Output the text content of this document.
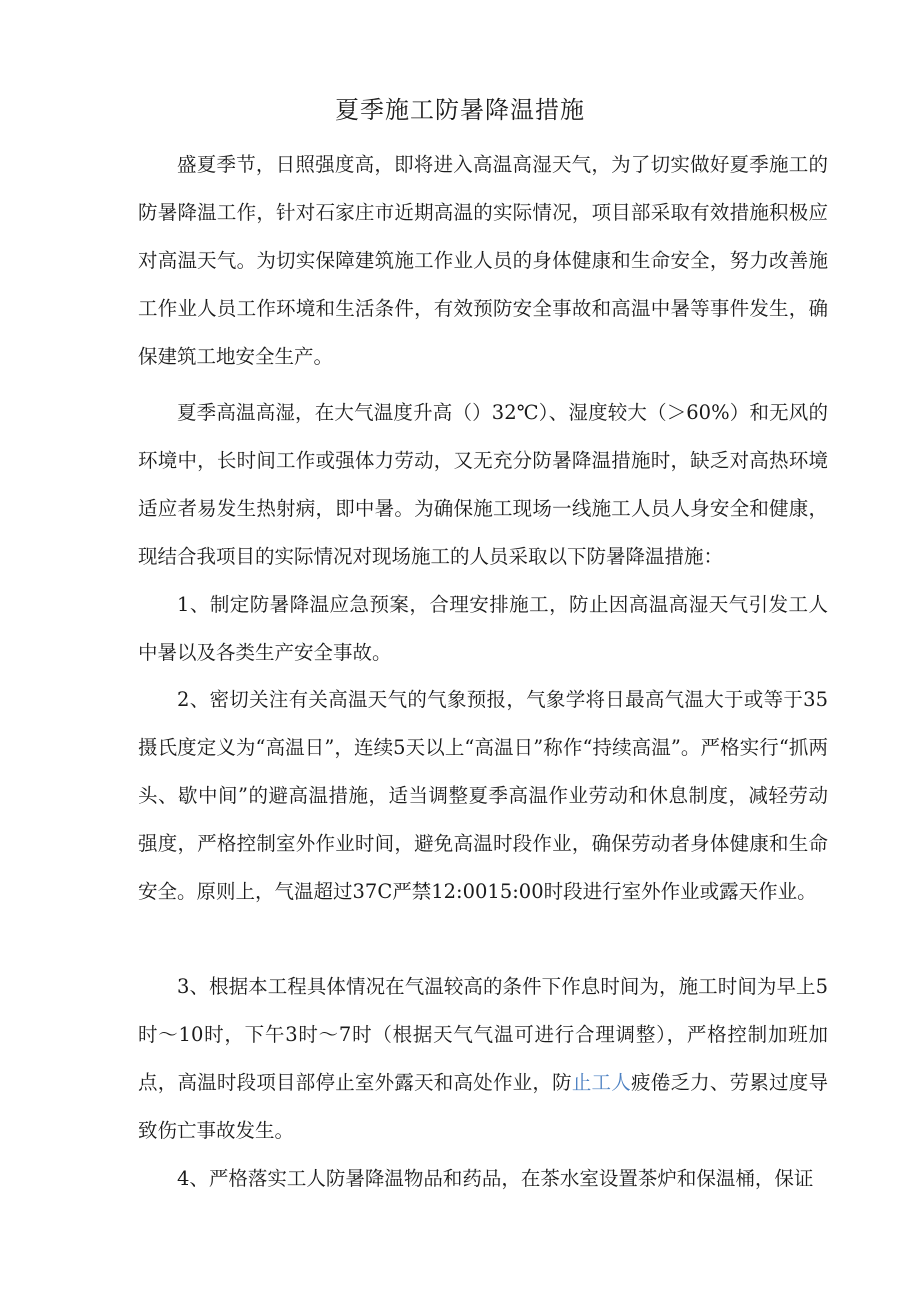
夏季施工防暑降温措施

盛夏季节，日照强度高，即将进入高温高湿天气，为了切实做好夏季施工的防暑降温工作，针对石家庄市近期高温的实际情况，项目部采取有效措施积极应对高温天气。为切实保障建筑施工作业人员的身体健康和生命安全，努力改善施工作业人员工作环境和生活条件，有效预防安全事故和高温中暑等事件发生，确保建筑工地安全生产。

夏季高温高湿，在大气温度升高（）32℃）、湿度较大（＞60%）和无风的环境中，长时间工作或强体力劳动，又无充分防暑降温措施时，缺乏对高热环境适应者易发生热射病，即中暑。为确保施工现场一线施工人员人身安全和健康，现结合我项目的实际情况对现场施工的人员采取以下防暑降温措施：

1、制定防暑降温应急预案，合理安排施工，防止因高温高湿天气引发工人中暑以及各类生产安全事故。

2、密切关注有关高温天气的气象预报，气象学将日最高气温大于或等于35摄氏度定义为“高温日”，连续5天以上“高温日”称作“持续高温”。严格实行“抓两头、歇中间”的避高温措施，适当调整夏季高温作业劳动和休息制度，减轻劳动强度，严格控制室外作业时间，避免高温时段作业，确保劳动者身体健康和生命安全。原则上，气温超过37C严禁12:0015:00时段进行室外作业或露天作业。

3、根据本工程具体情况在气温较高的条件下作息时间为，施工时间为早上5时～10时，下午3时～7时（根据天气气温可进行合理调整），严格控制加班加点，高温时段项目部停止室外露天和高处作业，防止工人疲倦乏力、劳累过度导致伤亡事故发生。

4、严格落实工人防暑降温物品和药品，在茶水室设置茶炉和保温桶，保证
